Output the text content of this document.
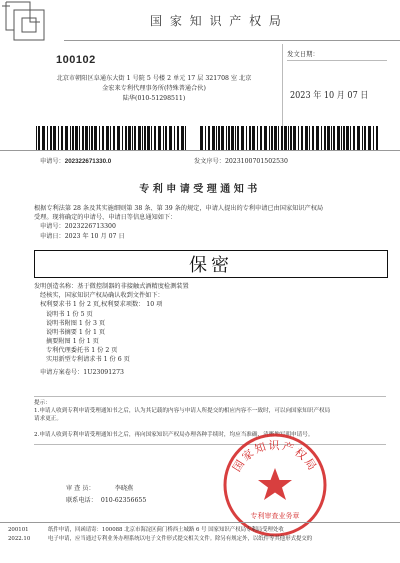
国 家 知 识 产 权 局
100102
北京市朝阳区阜通东大街 1 号院 5 号楼 2 单元 17 层 321708 室 北京
金宏来专利代理事务所(特殊普通合伙)
陆华(010-51298511)
发文日期：
2023 年 10 月 07 日
申请号：202322671330.0	发文序号：2023100701502530
专利申请受理通知书
根据专利法第 28 条及其实施细则第 38 条、第 39 条的规定，申请人提出的专利申请已由国家知识产权局
受理。现将确定的申请号、申请日等信息通知如下：
申请号：2023226713300
申请日：2023 年 10 月 07 日
保密
发明创造名称：基于微控制器的非接触式酒精度检测装置
经核实，国家知识产权局确认收到文件如下：
权利要求书 1 份 2 页,权利要求项数： 10 项
说明书 1 份 5 页
说明书附图 1 份 3 页
说明书摘要 1 份 1 页
摘要附图 1 份 1 页
专利代理委托书 1 份 2 页
实用新型专利请求书 1 份 6 页
申请方案卷号：1U23091273
提示：
1.申请人收到专利申请受理通知书之后，认为其记载的内容与申请人所提交的相应内容不一致时，可以向国家知识产权局
请求更正。
2.申请人收到专利申请受理通知书之后，再向国家知识产权局办理各种手续时，均应当准确、清晰地写明申请号。
审 查 员：	李晓燕
联系电话： 010-62356655
国家知识产权局
专利审查业务章
200101
2022.10
纸件申请，回函请寄：100088 北京市海淀区蓟门桥西土城路 6 号 国家知识产权局专利局受理处收
电子申请，应当通过专利业务办理系统以电子文件形式提交相关文件。除另有规定外，以纸件等其他形式提交的
